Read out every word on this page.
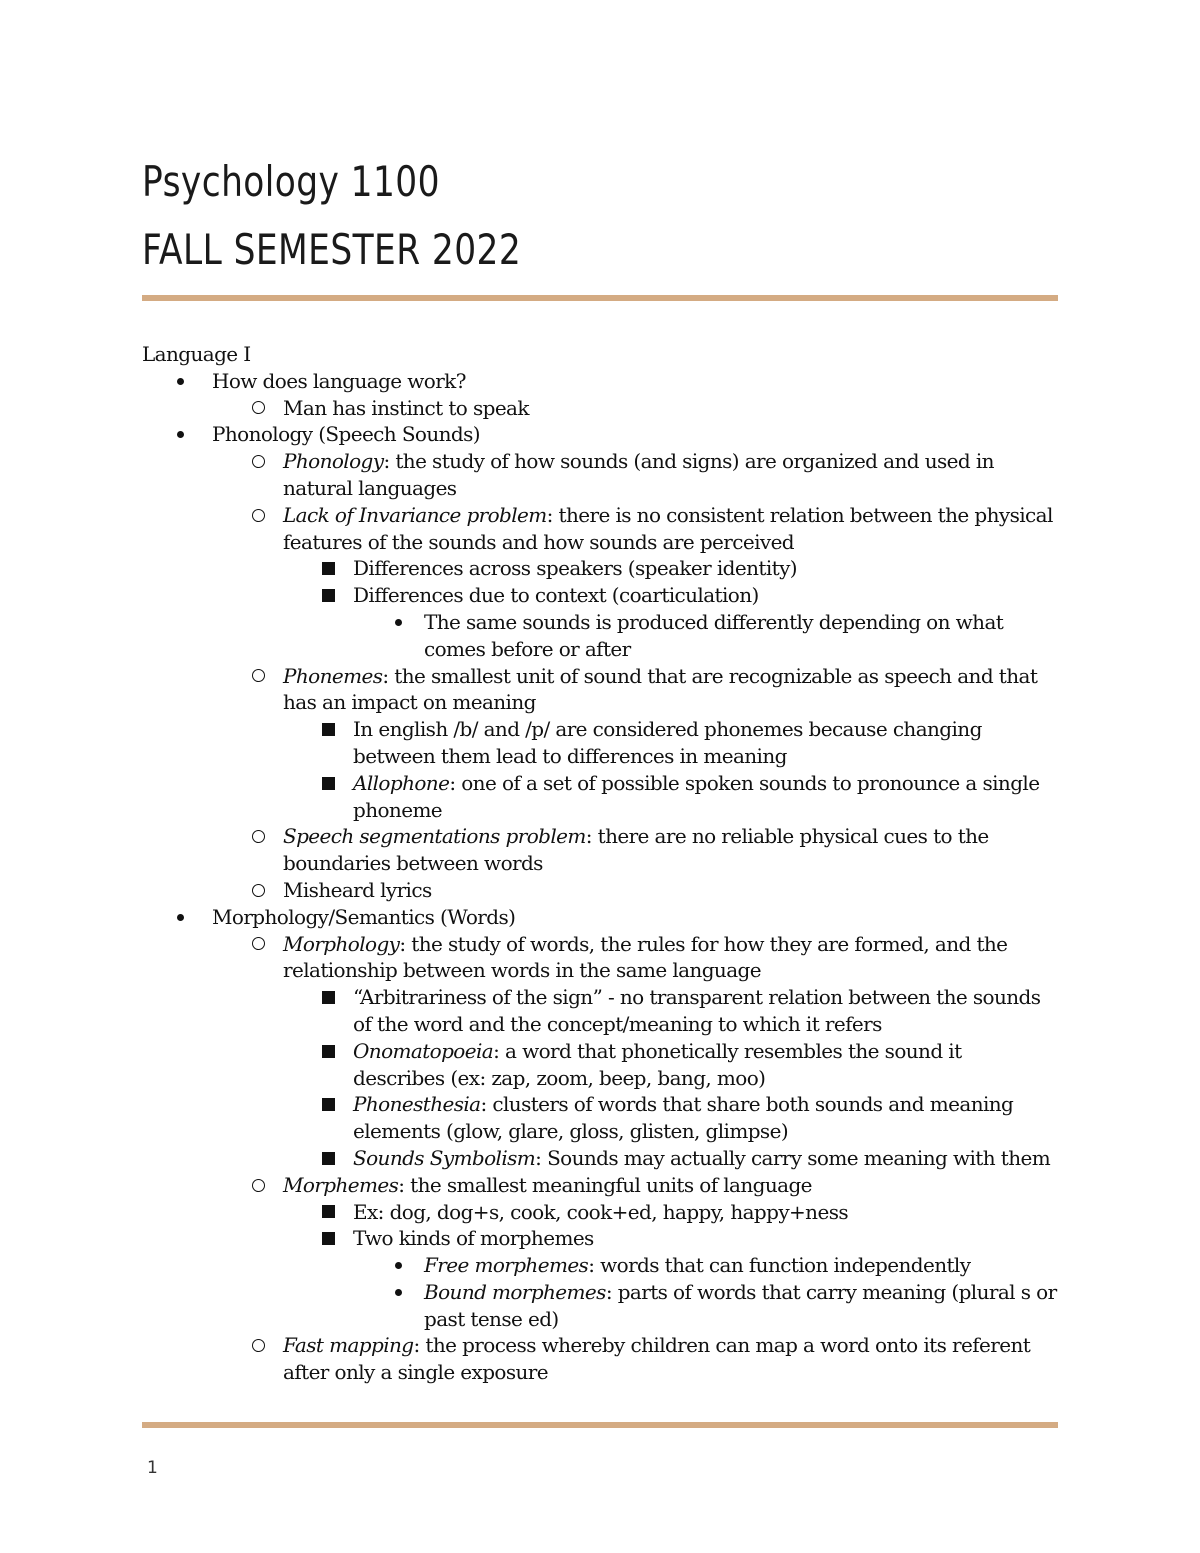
Psychology 1100
FALL SEMESTER 2022
Language I
How does language work?
Man has instinct to speak
Phonology (Speech Sounds)
Phonology: the study of how sounds (and signs) are organized and used in natural languages
Lack of Invariance problem: there is no consistent relation between the physical features of the sounds and how sounds are perceived
Differences across speakers (speaker identity)
Differences due to context (coarticulation)
The same sounds is produced differently depending on what comes before or after
Phonemes: the smallest unit of sound that are recognizable as speech and that has an impact on meaning
In english /b/ and /p/ are considered phonemes because changing between them lead to differences in meaning
Allophone: one of a set of possible spoken sounds to pronounce a single phoneme
Speech segmentations problem: there are no reliable physical cues to the boundaries between words
Misheard lyrics
Morphology/Semantics (Words)
Morphology: the study of words, the rules for how they are formed, and the relationship between words in the same language
“Arbitrariness of the sign” - no transparent relation between the sounds of the word and the concept/meaning to which it refers
Onomatopoeia: a word that phonetically resembles the sound it describes (ex: zap, zoom, beep, bang, moo)
Phonesthesia: clusters of words that share both sounds and meaning elements (glow, glare, gloss, glisten, glimpse)
Sounds Symbolism: Sounds may actually carry some meaning with them
Morphemes: the smallest meaningful units of language
Ex: dog, dog+s, cook, cook+ed, happy, happy+ness
Two kinds of morphemes
Free morphemes: words that can function independently
Bound morphemes: parts of words that carry meaning (plural s or past tense ed)
Fast mapping: the process whereby children can map a word onto its referent after only a single exposure
1
